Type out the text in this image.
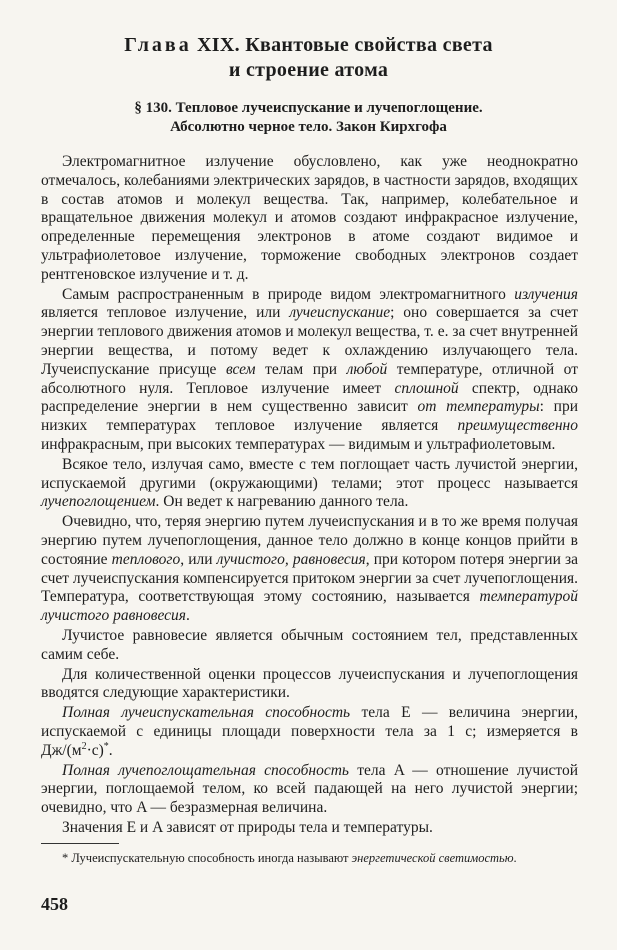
Глава XIX. Квантовые свойства света
и строение атома
§ 130. Тепловое лучеиспускание и лучепоглощение.
Абсолютно черное тело. Закон Кирхгофа

Электромагнитное излучение обусловлено, как уже неоднократно отмечалось, колебаниями электрических зарядов, в частности зарядов, входящих в состав атомов и молекул вещества. Так, например, колебательное и вращательное движения молекул и атомов создают инфракрасное излучение, определенные перемещения электронов в атоме создают видимое и ультрафиолетовое излучение, торможение свободных электронов создает рентгеновское излучение и т. д.

Самым распространенным в природе видом электромагнитного излучения является тепловое излучение, или лучеиспускание; оно совершается за счет энергии теплового движения атомов и молекул вещества, т. е. за счет внутренней энергии вещества, и потому ведет к охлаждению излучающего тела. Лучеиспускание присуще всем телам при любой температуре, отличной от абсолютного нуля. Тепловое излучение имеет сплошной спектр, однако распределение энергии в нем существенно зависит от температуры: при низких температурах тепловое излучение является преимущественно инфракрасным, при высоких температурах — видимым и ультрафиолетовым.

Всякое тело, излучая само, вместе с тем поглощает часть лучистой энергии, испускаемой другими (окружающими) телами; этот процесс называется лучепоглощением. Он ведет к нагреванию данного тела.

Очевидно, что, теряя энергию путем лучеиспускания и в то же время получая энергию путем лучепоглощения, данное тело должно в конце концов прийти в состояние теплового, или лучистого, равновесия, при котором потеря энергии за счет лучеиспускания компенсируется притоком энергии за счет лучепоглощения. Температура, соответствующая этому состоянию, называется температурой лучистого равновесия.

Лучистое равновесие является обычным состоянием тел, представленных самим себе.

Для количественной оценки процессов лучеиспускания и лучепоглощения вводятся следующие характеристики.

Полная лучеиспускательная способность тела E — величина энергии, испускаемой с единицы площади поверхности тела за 1 с; измеряется в $Дж/(м^2\cdot с)^*$.

Полная лучепоглощательная способность тела A — отношение лучистой энергии, поглощаемой телом, ко всей падающей на него лучистой энергии; очевидно, что A — безразмерная величина.

Значения E и A зависят от природы тела и температуры.

* Лучеиспускательную способность иногда называют энергетической светимостью.
458
